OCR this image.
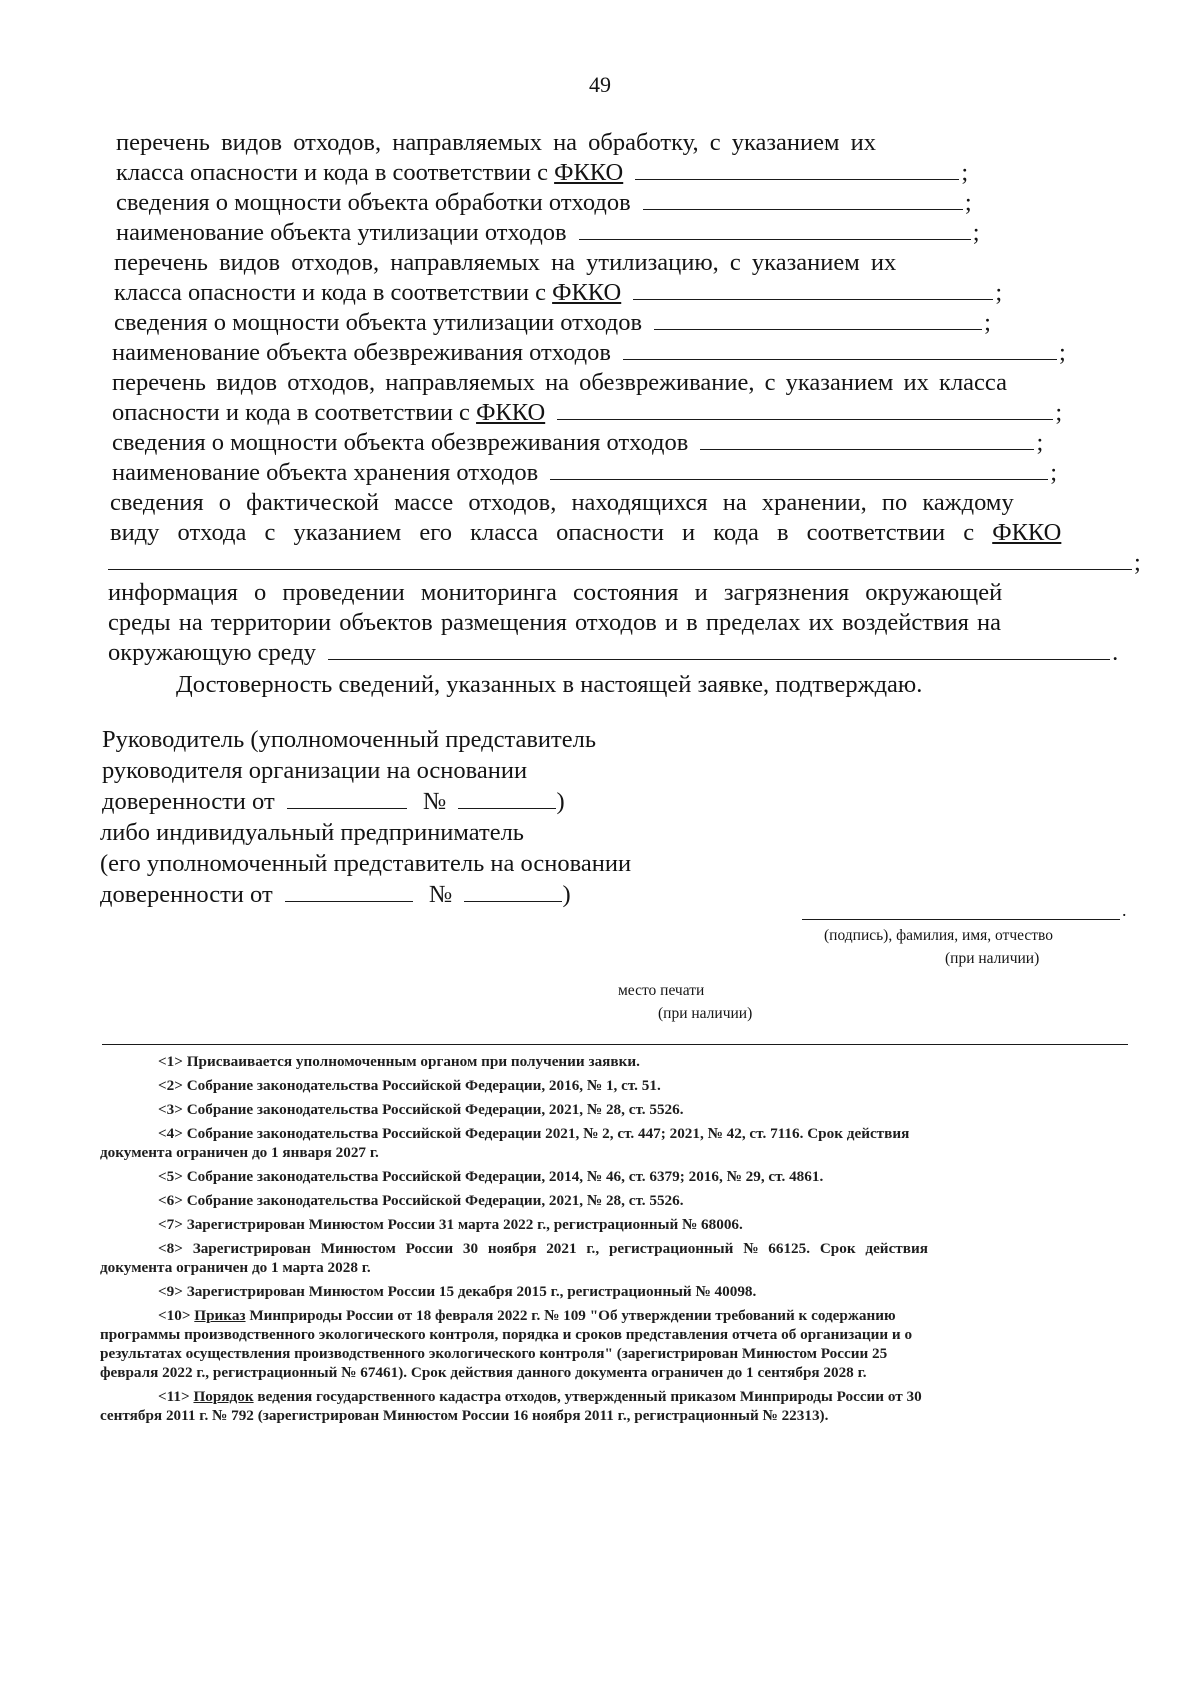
49
перечень видов отходов, направляемых на обработку, с указанием их
класса опасности и кода в соответствии с ФККО	;
сведения о мощности объекта обработки отходов	;
наименование объекта утилизации отходов	;
перечень видов отходов, направляемых на утилизацию, с указанием их
класса опасности и кода в соответствии с ФККО	;
сведения о мощности объекта утилизации отходов	;
наименование объекта обезвреживания отходов	;
перечень видов отходов, направляемых на обезвреживание, с указанием их класса
опасности и кода в соответствии с ФККО	;
сведения о мощности объекта обезвреживания отходов	;
наименование объекта хранения отходов	;
сведения о фактической массе отходов, находящихся на хранении, по каждому
виду отхода с указанием его класса опасности и кода в соответствии с ФККО
;
информация о проведении мониторинга состояния и загрязнения окружающей
среды на территории объектов размещения отходов и в пределах их воздействия на
окружающую среду	.
Достоверность сведений, указанных в настоящей заявке, подтверждаю.
Руководитель (уполномоченный представитель
руководителя организации на основании
доверенности от	№	)
либо индивидуальный предприниматель
(его уполномоченный представитель на основании
доверенности от	№	)
.
(подпись), фамилия, имя, отчество
(при наличии)
место печати
(при наличии)
<1> Присваивается уполномоченным органом при получении заявки.
<2> Собрание законодательства Российской Федерации, 2016, № 1, ст. 51.
<3> Собрание законодательства Российской Федерации, 2021, № 28, ст. 5526.
<4> Собрание законодательства Российской Федерации 2021, № 2, ст. 447; 2021, № 42, ст. 7116. Срок действия
документа ограничен до 1 января 2027 г.
<5> Собрание законодательства Российской Федерации, 2014, № 46, ст. 6379; 2016, № 29, ст. 4861.
<6> Собрание законодательства Российской Федерации, 2021, № 28, ст. 5526.
<7> Зарегистрирован Минюстом России 31 марта 2022 г., регистрационный № 68006.
<8> Зарегистрирован Минюстом России 30 ноября 2021 г., регистрационный № 66125. Срок действия
документа ограничен до 1 марта 2028 г.
<9> Зарегистрирован Минюстом России 15 декабря 2015 г., регистрационный № 40098.
<10> Приказ Минприроды России от 18 февраля 2022 г. № 109 "Об утверждении требований к содержанию
программы производственного экологического контроля, порядка и сроков представления отчета об организации и о
результатах осуществления производственного экологического контроля" (зарегистрирован Минюстом России 25
февраля 2022 г., регистрационный № 67461). Срок действия данного документа ограничен до 1 сентября 2028 г.
<11> Порядок ведения государственного кадастра отходов, утвержденный приказом Минприроды России от 30
сентября 2011 г. № 792 (зарегистрирован Минюстом России 16 ноября 2011 г., регистрационный № 22313).
